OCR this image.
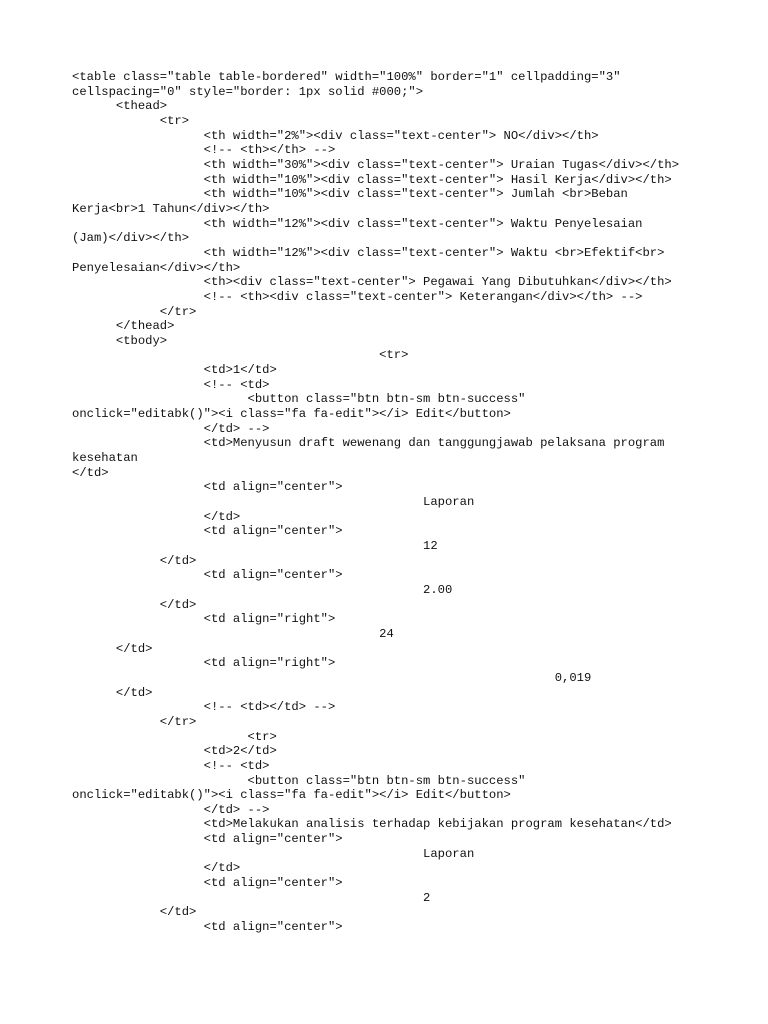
<table class="table table-bordered" width="100%" border="1" cellpadding="3"
cellspacing="0" style="border: 1px solid #000;">
<thead>
<tr>
<th width="2%"><div class="text-center"> NO</div></th>
<!-- <th></th> -->
<th width="30%"><div class="text-center"> Uraian Tugas</div></th>
<th width="10%"><div class="text-center"> Hasil Kerja</div></th>
<th width="10%"><div class="text-center"> Jumlah <br>Beban
Kerja<br>1 Tahun</div></th>
<th width="12%"><div class="text-center"> Waktu Penyelesaian
(Jam)</div></th>
<th width="12%"><div class="text-center"> Waktu <br>Efektif<br>
Penyelesaian</div></th>
<th><div class="text-center"> Pegawai Yang Dibutuhkan</div></th>
<!-- <th><div class="text-center"> Keterangan</div></th> -->
</tr>
</thead>
<tbody>
<tr>
<td>1</td>
<!-- <td>
<button class="btn btn-sm btn-success"
onclick="editabk()"><i class="fa fa-edit"></i> Edit</button>
</td> -->
<td>Menyusun draft wewenang dan tanggungjawab pelaksana program
kesehatan
</td>
<td align="center">
Laporan
</td>
<td align="center">
12
</td>
<td align="center">
2.00
</td>
<td align="right">
24
</td>
<td align="right">
0,019
</td>
<!-- <td></td> -->
</tr>
<tr>
<td>2</td>
<!-- <td>
<button class="btn btn-sm btn-success"
onclick="editabk()"><i class="fa fa-edit"></i> Edit</button>
</td> -->
<td>Melakukan analisis terhadap kebijakan program kesehatan</td>
<td align="center">
Laporan
</td>
<td align="center">
2
</td>
<td align="center">
